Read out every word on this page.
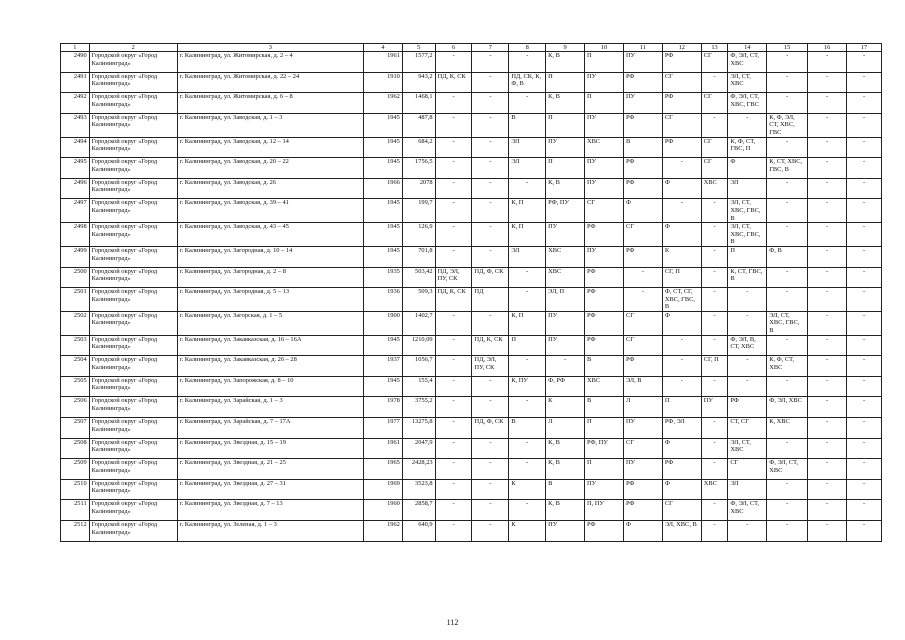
1	2	3	4	5	6	7	8	9	10	11	12	13	14	15	16	17
2490	Городской округ «Город Калининград»	г. Калининград, ул. Житомирская, д. 2 – 4	1961	1577,2	-	-	-	К, В	П	ПУ	РФ	СГ	Ф, ЭЛ, СТ, ХВС	-	-	-
2491	Городской округ «Город Калининград»	г. Калининград, ул. Житомирская, д. 22 – 24	1910	943,2	ПД, К, СК	-	ПД, СК, К, Ф, В	П	ПУ	РФ	СГ	-	ЭЛ, СТ, ХВС	-	-	-
2492	Городской округ «Город Калининград»	г. Калининград, ул. Житомирская, д. 6 – 8	1962	1468,1	-	-	-	К, В	П	ПУ	РФ	СГ	Ф, ЭЛ, СТ, ХВС, ГВС	-	-	-
2493	Городской округ «Город Калининград»	г. Калининград, ул. Заводская, д. 1 – 3	1945	487,8	-	-	В	П	ПУ	РФ	СГ	-	-	К, Ф, ЭЛ, СТ, ХВС, ГВС	-	-
2494	Городской округ «Город Калининград»	г. Калининград, ул. Заводская, д. 12 – 14	1945	684,2	-	-	ЭЛ	ПУ	ХВС	В	РФ	СГ	К, Ф, СТ, ГВС, П	-	-	-
2495	Городской округ «Город Калининград»	г. Калининград, ул. Заводская, д. 20 – 22	1945	1756,5	-	-	ЭЛ	П	ПУ	РФ	-	СГ	Ф	К, СТ, ХВС, ГВС, В	-	-
2496	Городской округ «Город Калининград»	г. Калининград, ул. Заводская, д. 26	1966	2078	-	-	-	К, В	ПУ	РФ	Ф	ХВС	ЭЛ	-	-	-
2497	Городской округ «Город Калининград»	г. Калининград, ул. Заводская, д. 39 – 41	1945	199,7	-	-	К, П	РФ, ПУ	СГ	Ф	-	-	ЭЛ, СТ, ХВС, ГВС, В	-	-	-
2498	Городской округ «Город Калининград»	г. Калининград, ул. Заводская, д. 43 – 45	1945	126,9	-	-	К, П	ПУ	РФ	СГ	Ф	-	ЭЛ, СТ, ХВС, ГВС, В	-	-	-
2499	Городской округ «Город Калининград»	г. Калининград, ул. Загородная, д. 10 – 14	1945	701,8	-	-	ЭЛ	ХВС	ПУ	РФ	К	-	П	Ф, В	-	-
2500	Городской округ «Город Калининград»	г. Калининград, ул. Загородная, д. 2 – 8	1935	503,42	ПД, ЭЛ, ПУ, СК	ПД, Ф, СК	-	ХВС	РФ	-	СГ, П	-	К, СТ, ГВС, В	-	-	-
2501	Городской округ «Город Калининград»	г. Калининград, ул. Загородная, д. 5 – 13	1936	509,3	ПД, К, СК	ПД	-	ЭЛ, П	РФ	-	Ф, СТ, СГ, ХВС, ГВС, В	-	-	-	-	-
2502	Городской округ «Город Калининград»	г. Калининград, ул. Загорская, д. 1 – 5	1900	1402,7	-	-	К, П	ПУ	РФ	СГ	Ф	-	-	ЭЛ, СТ, ХВС, ГВС, В	-	-
2503	Городской округ «Город Калининград»	г. Калининград, ул. Закавказская, д. 16 – 16А	1945	1210,09	-	ПД, К, СК	П	ПУ	РФ	СГ	-	-	Ф, ЭЛ, В, СТ, ХВС	-	-	-
2504	Городской округ «Город Калининград»	г. Калининград, ул. Закавказская, д. 26 – 28	1937	1056,7	-	ПД, ЭЛ, ПУ, СК	-	-	В	РФ	-	СГ, П	-	К, Ф, СТ, ХВС	-	-
2505	Городской округ «Город Калининград»	г. Калининград, ул. Запорожская, д. 8 – 10	1945	155,4	-	-	К, ПУ	Ф, РФ	ХВС	ЭЛ, В	-	-	-	-	-	-
2506	Городской округ «Город Калининград»	г. Калининград, ул. Зарайская, д. 1 – 3	1978	3755,2	-	-	-	К	В	Л	П	ПУ	РФ	Ф, ЭЛ, ХВС	-	-
2507	Городской округ «Город Калининград»	г. Калининград, ул. Зарайская, д. 7 – 17А	1977	13275,8	-	ПД, Ф, СК	В	Л	П	ПУ	РФ, ЭЛ	-	СТ, СГ	К, ХВС	-	-
2508	Городской округ «Город Калининград»	г. Калининград, ул. Звездная, д. 15 – 19	1961	2047,9	-	-	-	К, В	РФ, ПУ	СГ	Ф	-	ЭЛ, СТ, ХВС	-	-	-
2509	Городской округ «Город Калининград»	г. Калининград, ул. Звездная, д. 21 – 25	1965	2428,23	-	-	-	К, В	П	ПУ	РФ	-	СГ	Ф, ЭЛ, СТ, ХВС	-	-
2510	Городской округ «Город Калининград»	г. Калининград, ул. Звездная, д. 27 – 31	1969	3523,8	-	-	К	В	ПУ	РФ	Ф	ХВС	ЭЛ	-	-	-
2511	Городской округ «Город Калининград»	г. Калининград, ул. Звездная, д. 7 – 13	1960	2858,7	-	-	-	К, В	П, ПУ	РФ	СГ	-	Ф, ЭЛ, СТ, ХВС	-	-	-
2512	Городской округ «Город Калининград»	г. Калининград, ул. Зеленая, д. 1 – 3	1962	640,9	-	-	К	ПУ	РФ	Ф	ЭЛ, ХВС, В	-	-	-	-	-
112
